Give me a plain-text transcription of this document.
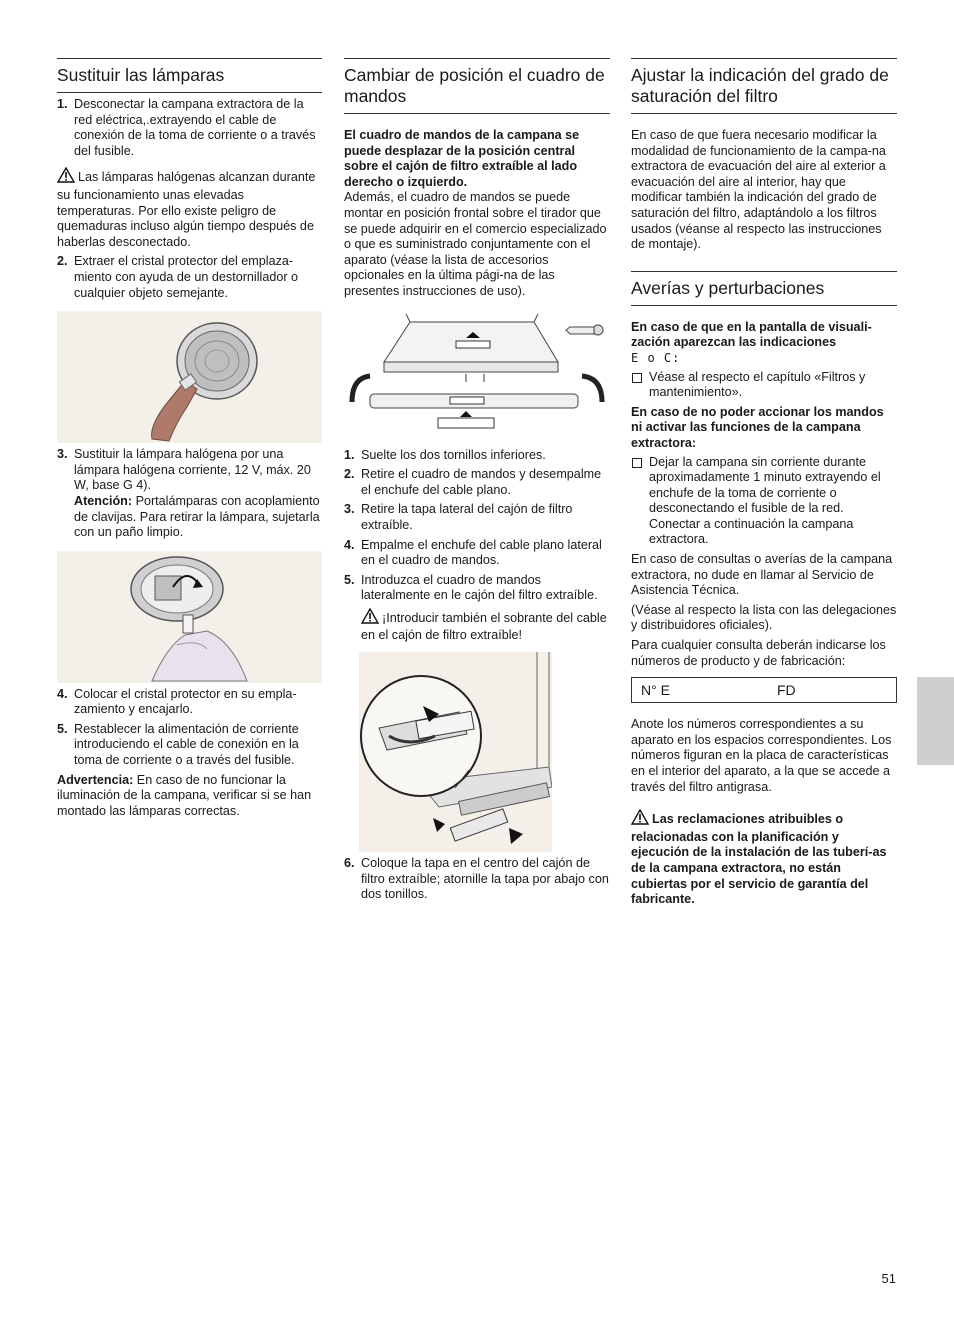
Sustituir las lámparas
1. Desconectar la campana extractora de la red eléctrica,.extrayendo el cable de conexión de la toma de corriente o a través del fusible.

Las lámparas halógenas alcanzan durante su funcionamiento unas elevadas temperaturas. Por ello existe peligro de quemaduras incluso algún tiempo después de haberlas desconectado.

2. Extraer el cristal protector del emplaza-miento con ayuda de un destornillador o cualquier objeto semejante.
3. Sustituir la lámpara halógena por una lámpara halógena corriente, 12 V, máx. 20 W, base G 4).
Atención: Portalámparas con acoplamiento de clavijas. Para retirar la lámpara, sujetarla con un paño limpio.
4. Colocar el cristal protector en su empla-zamiento y encajarlo.
5. Restablecer la alimentación de corriente introduciendo el cable de conexión en la toma de corriente o a través del fusible.

Advertencia: En caso de no funcionar la iluminación de la campana, verificar si se han montado las lámparas correctas.

Cambiar de posición el cuadro de mandos

El cuadro de mandos de la campana se puede desplazar de la posición central sobre el cajón de filtro extraíble al lado derecho o izquierdo.
Además, el cuadro de mandos se puede montar en posición frontal sobre el tirador que se puede adquirir en el comercio especializado o que es suministrado conjuntamente con el aparato (véase la lista de accesorios opcionales en la última pági-na de las presentes instrucciones de uso).

1. Suelte los dos tornillos inferiores.
2. Retire el cuadro de mandos y desempalme el enchufe del cable plano.
3. Retire la tapa lateral del cajón de filtro extraíble.
4. Empalme el enchufe del cable plano lateral en el cuadro de mandos.
5. Introduzca el cuadro de mandos lateralmente en le cajón del filtro extraíble.
¡Introducir también el sobrante del cable en el cajón de filtro extraíble!
6. Coloque la tapa en el centro del cajón de filtro extraíble; atornille la tapa por abajo con dos tonillos.
Ajustar la indicación del grado de saturación del filtro

En caso de que fuera necesario modificar la modalidad de funcionamiento de la campa-na extractora de evacuación del aire al exterior a evacuación del aire al interior, hay que modificar también la indicación del grado de saturación del filtro, adaptándolo a los filtros usados (véanse al respecto las instrucciones de montaje).

Averías y perturbaciones

En caso de que en la pantalla de visuali-zación aparezcan las indicaciones
E o C:

Véase al respecto el capítulo «Filtros y mantenimiento».

En caso de no poder accionar los mandos ni activar las funciones de la campana extractora:

Dejar la campana sin corriente durante aproximadamente 1 minuto extrayendo el enchufe de la toma de corriente o desconectando el fusible de la red. Conectar a continuación la campana extractora.

En caso de consultas o averías de la campana extractora, no dude en llamar al Servicio de Asistencia Técnica.

(Véase al respecto la lista con las delegaciones y distribuidores oficiales).

Para cualquier consulta deberán indicarse los números de producto y de fabricación:

N° E	FD

Anote los números correspondientes a su aparato en los espacios correspondientes. Los números figuran en la placa de características en el interior del aparato, a la que se accede a través del filtro antigrasa.

Las reclamaciones atribuibles o relacionadas con la planificación y ejecución de la instalación de las tuberí-as de la campana extractora, no están cubiertas por el servicio de garantía del fabricante.

51
